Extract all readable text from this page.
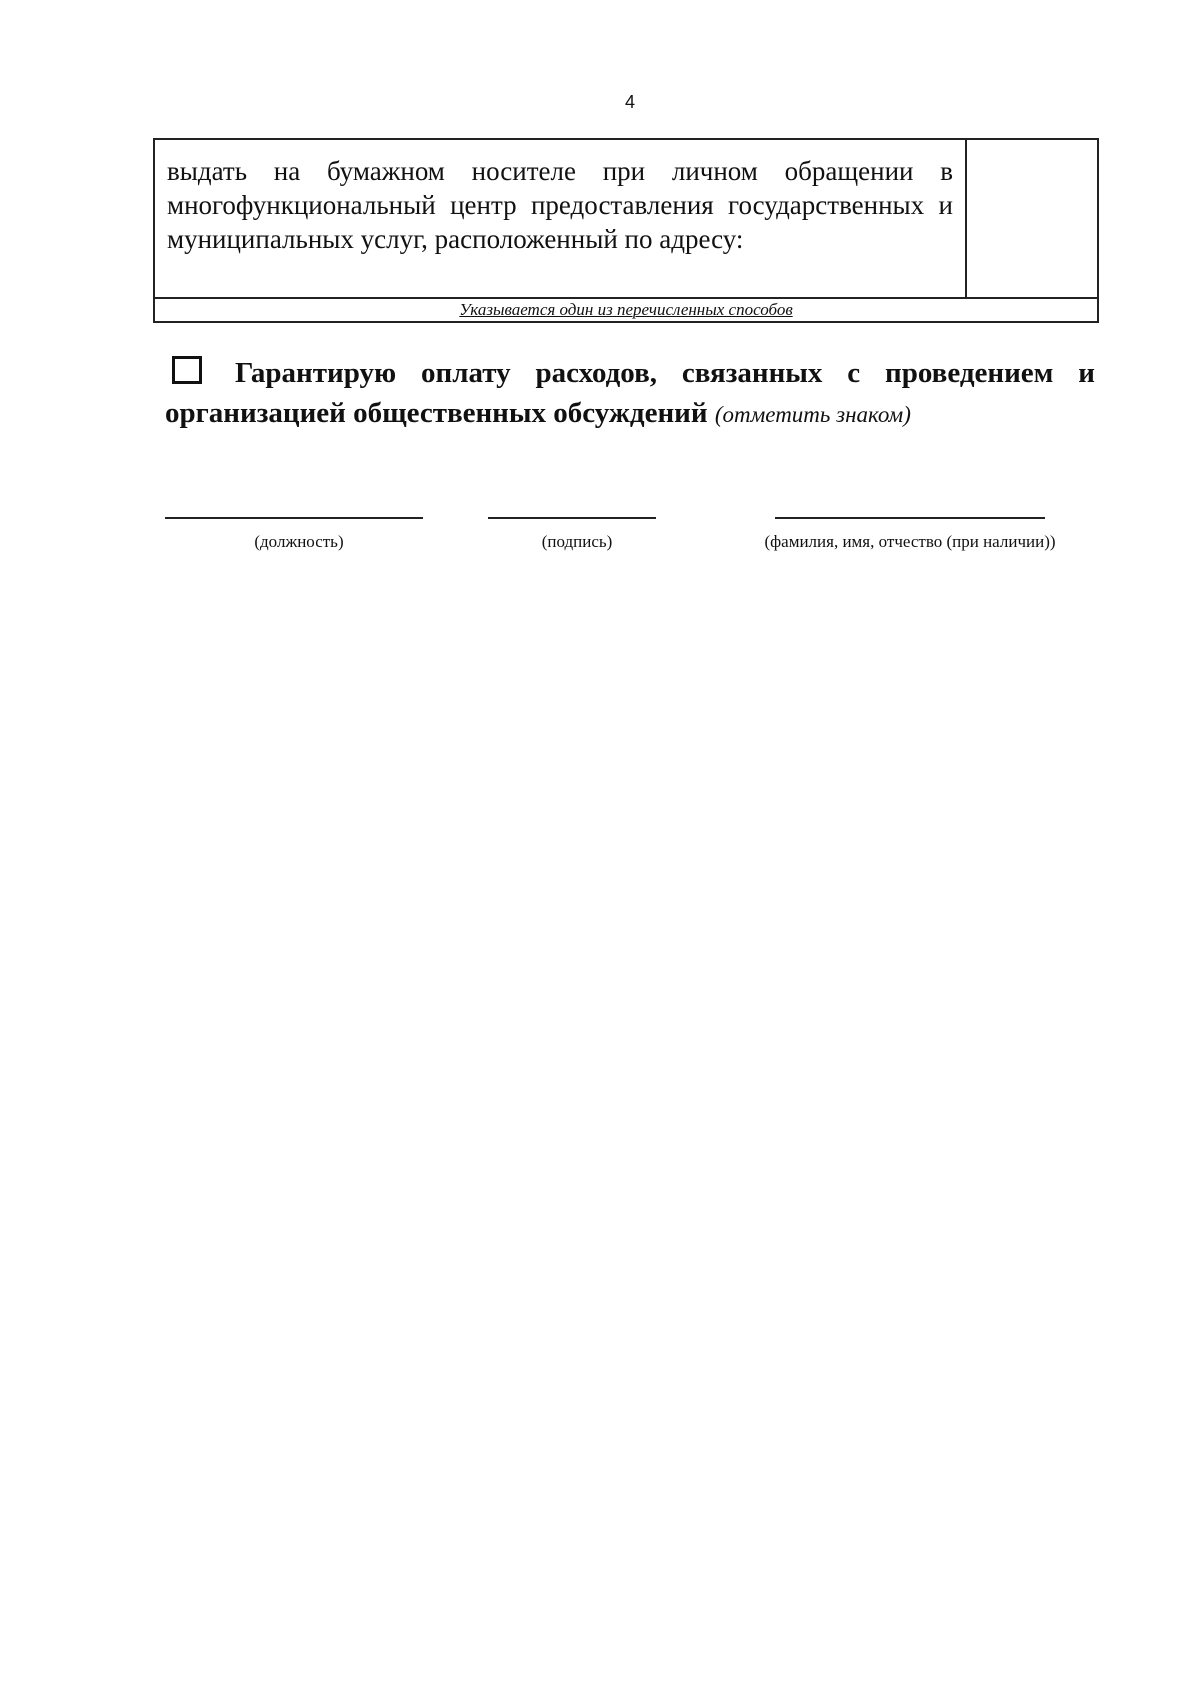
4
выдать на бумажном носителе при личном обращении в многофункциональный центр предоставления государственных и муниципальных услуг, расположенный по адресу:
Указывается один из перечисленных способов
Гарантирую оплату расходов, связанных с проведением и
организацией общественных обсуждений (отметить знаком)
(должность)	(подпись)	(фамилия, имя, отчество (при наличии))
